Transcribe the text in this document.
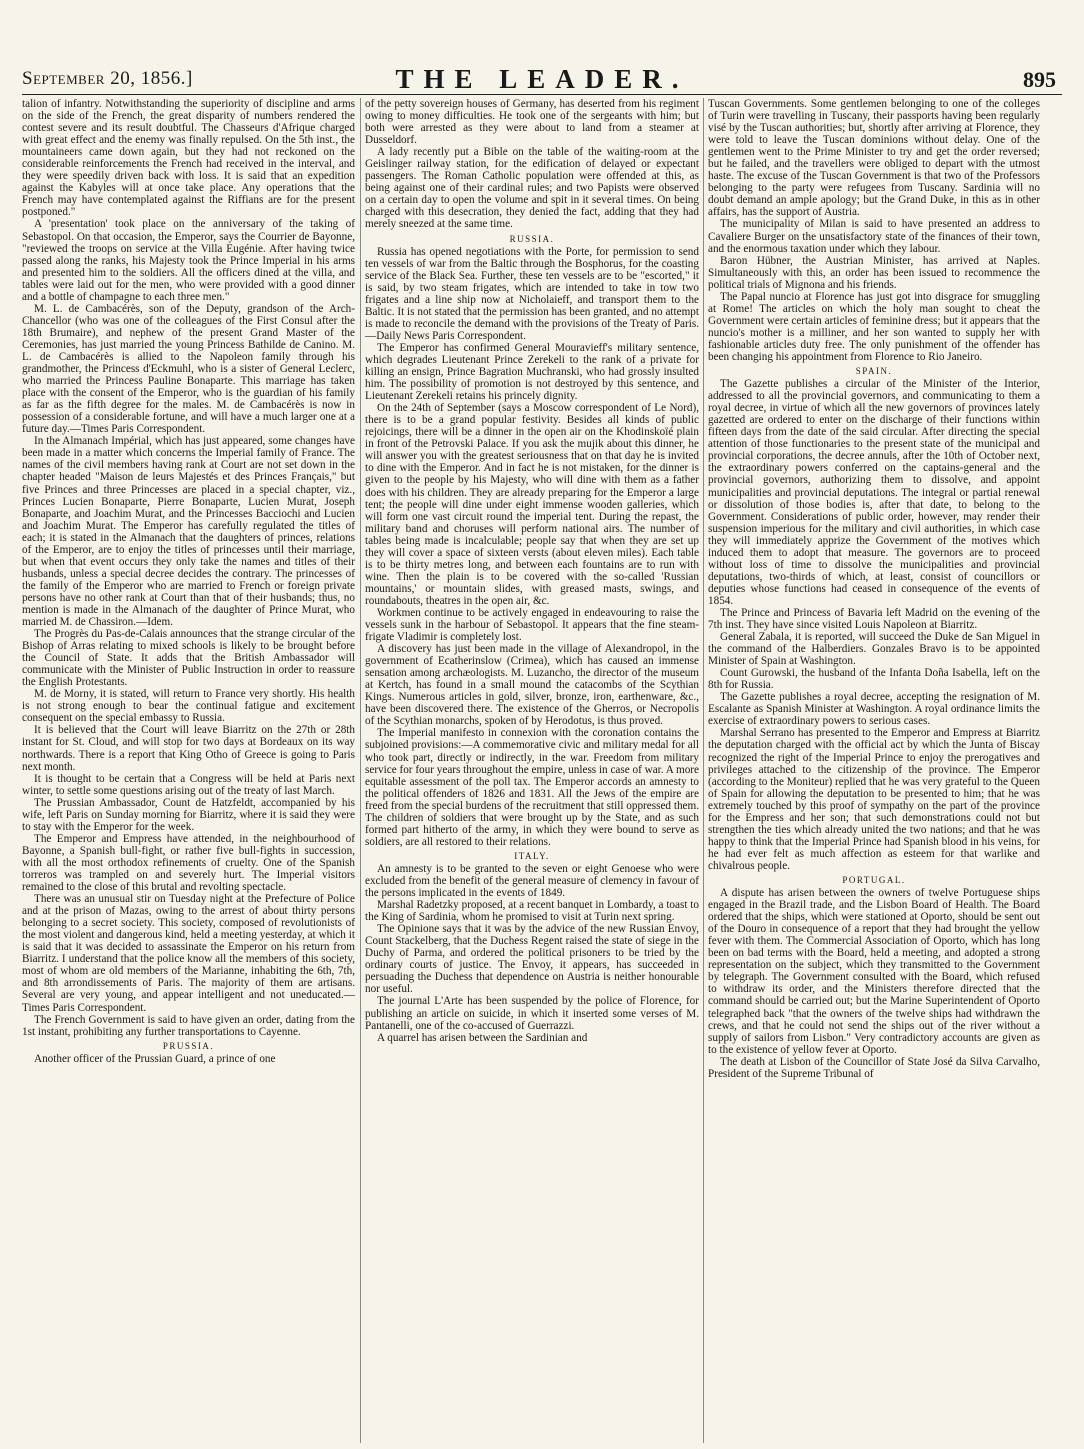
September 20, 1856.]	THE LEADER.	895

talion of infantry. Notwithstanding the superiority of discipline and arms on the side of the French, the great disparity of numbers rendered the contest severe and its result doubtful. The Chasseurs d'Afrique charged with great effect and the enemy was finally repulsed. On the 5th inst., the mountaineers came down again, but they had not reckoned on the considerable reinforcements the French had received in the interval, and they were speedily driven back with loss. It is said that an expedition against the Kabyles will at once take place. Any operations that the French may have contemplated against the Riffians are for the present postponed."

A 'presentation' took place on the anniversary of the taking of Sebastopol. On that occasion, the Emperor, says the Courrier de Bayonne, "reviewed the troops on service at the Villa Eugénie. After having twice passed along the ranks, his Majesty took the Prince Imperial in his arms and presented him to the soldiers. All the officers dined at the villa, and tables were laid out for the men, who were provided with a good dinner and a bottle of champagne to each three men."

M. L. de Cambacérès, son of the Deputy, grandson of the Arch-Chancellor (who was one of the colleagues of the First Consul after the 18th Brumaire), and nephew of the present Grand Master of the Ceremonies, has just married the young Princess Bathilde de Canino. M. L. de Cambacérès is allied to the Napoleon family through his grandmother, the Princess d'Eckmuhl, who is a sister of General Leclerc, who married the Princess Pauline Bonaparte. This marriage has taken place with the consent of the Emperor, who is the guardian of his family as far as the fifth degree for the males. M. de Cambacérès is now in possession of a considerable fortune, and will have a much larger one at a future day.—Times Paris Correspondent.

In the Almanach Impérial, which has just appeared, some changes have been made in a matter which concerns the Imperial family of France. The names of the civil members having rank at Court are not set down in the chapter headed "Maison de leurs Majestés et des Princes Français," but five Princes and three Princesses are placed in a special chapter, viz., Princes Lucien Bonaparte, Pierre Bonaparte, Lucien Murat, Joseph Bonaparte, and Joachim Murat, and the Princesses Bacciochi and Lucien and Joachim Murat. The Emperor has carefully regulated the titles of each; it is stated in the Almanach that the daughters of princes, relations of the Emperor, are to enjoy the titles of princesses until their marriage, but when that event occurs they only take the names and titles of their husbands, unless a special decree decides the contrary. The princesses of the family of the Emperor who are married to French or foreign private persons have no other rank at Court than that of their husbands; thus, no mention is made in the Almanach of the daughter of Prince Murat, who married M. de Chassiron.—Idem.

The Progrès du Pas-de-Calais announces that the strange circular of the Bishop of Arras relating to mixed schools is likely to be brought before the Council of State. It adds that the British Ambassador will communicate with the Minister of Public Instruction in order to reassure the English Protestants.

M. de Morny, it is stated, will return to France very shortly. His health is not strong enough to bear the continual fatigue and excitement consequent on the special embassy to Russia.

It is believed that the Court will leave Biarritz on the 27th or 28th instant for St. Cloud, and will stop for two days at Bordeaux on its way northwards. There is a report that King Otho of Greece is going to Paris next month.

It is thought to be certain that a Congress will be held at Paris next winter, to settle some questions arising out of the treaty of last March.

The Prussian Ambassador, Count de Hatzfeldt, accompanied by his wife, left Paris on Sunday morning for Biarritz, where it is said they were to stay with the Emperor for the week.

The Emperor and Empress have attended, in the neighbourhood of Bayonne, a Spanish bull-fight, or rather five bull-fights in succession, with all the most orthodox refinements of cruelty. One of the Spanish torreros was trampled on and severely hurt. The Imperial visitors remained to the close of this brutal and revolting spectacle.

There was an unusual stir on Tuesday night at the Prefecture of Police and at the prison of Mazas, owing to the arrest of about thirty persons belonging to a secret society. This society, composed of revolutionists of the most violent and dangerous kind, held a meeting yesterday, at which it is said that it was decided to assassinate the Emperor on his return from Biarritz. I understand that the police know all the members of this society, most of whom are old members of the Marianne, inhabiting the 6th, 7th, and 8th arrondissements of Paris. The majority of them are artisans. Several are very young, and appear intelligent and not uneducated.—Times Paris Correspondent.

The French Government is said to have given an order, dating from the 1st instant, prohibiting any further transportations to Cayenne.

PRUSSIA.

Another officer of the Prussian Guard, a prince of one

of the petty sovereign houses of Germany, has deserted from his regiment owing to money difficulties. He took one of the sergeants with him; but both were arrested as they were about to land from a steamer at Dusseldorf.

A lady recently put a Bible on the table of the waiting-room at the Geislinger railway station, for the edification of delayed or expectant passengers. The Roman Catholic population were offended at this, as being against one of their cardinal rules; and two Papists were observed on a certain day to open the volume and spit in it several times. On being charged with this desecration, they denied the fact, adding that they had merely sneezed at the same time.

RUSSIA.

Russia has opened negotiations with the Porte, for permission to send ten vessels of war from the Baltic through the Bosphorus, for the coasting service of the Black Sea. Further, these ten vessels are to be "escorted," it is said, by two steam frigates, which are intended to take in tow two frigates and a line ship now at Nicholaieff, and transport them to the Baltic. It is not stated that the permission has been granted, and no attempt is made to reconcile the demand with the provisions of the Treaty of Paris.—Daily News Paris Correspondent.

The Emperor has confirmed General Mouravieff's military sentence, which degrades Lieutenant Prince Zerekeli to the rank of a private for killing an ensign, Prince Bagration Muchranski, who had grossly insulted him. The possibility of promotion is not destroyed by this sentence, and Lieutenant Zerekeli retains his princely dignity.

On the 24th of September (says a Moscow correspondent of Le Nord), there is to be a grand popular festivity. Besides all kinds of public rejoicings, there will be a dinner in the open air on the Khodinskoïé plain in front of the Petrovski Palace. If you ask the mujik about this dinner, he will answer you with the greatest seriousness that on that day he is invited to dine with the Emperor. And in fact he is not mistaken, for the dinner is given to the people by his Majesty, who will dine with them as a father does with his children. They are already preparing for the Emperor a large tent; the people will dine under eight immense wooden galleries, which will form one vast circuit round the imperial tent. During the repast, the military band and choruses will perform national airs. The number of tables being made is incalculable; people say that when they are set up they will cover a space of sixteen versts (about eleven miles). Each table is to be thirty metres long, and between each fountains are to run with wine. Then the plain is to be covered with the so-called 'Russian mountains,' or mountain slides, with greased masts, swings, and roundabouts, theatres in the open air, &c.

Workmen continue to be actively engaged in endeavouring to raise the vessels sunk in the harbour of Sebastopol. It appears that the fine steam-frigate Vladimir is completely lost.

A discovery has just been made in the village of Alexandropol, in the government of Ecatherinslow (Crimea), which has caused an immense sensation among archæologists. M. Luzancho, the director of the museum at Kertch, has found in a small mound the catacombs of the Scythian Kings. Numerous articles in gold, silver, bronze, iron, earthenware, &c., have been discovered there. The existence of the Gherros, or Necropolis of the Scythian monarchs, spoken of by Herodotus, is thus proved.

The Imperial manifesto in connexion with the coronation contains the subjoined provisions:—A commemorative civic and military medal for all who took part, directly or indirectly, in the war. Freedom from military service for four years throughout the empire, unless in case of war. A more equitable assessment of the poll tax. The Emperor accords an amnesty to the political offenders of 1826 and 1831. All the Jews of the empire are freed from the special burdens of the recruitment that still oppressed them. The children of soldiers that were brought up by the State, and as such formed part hitherto of the army, in which they were bound to serve as soldiers, are all restored to their relations.

ITALY.

An amnesty is to be granted to the seven or eight Genoese who were excluded from the benefit of the general measure of clemency in favour of the persons implicated in the events of 1849.

Marshal Radetzky proposed, at a recent banquet in Lombardy, a toast to the King of Sardinia, whom he promised to visit at Turin next spring.

The Opinione says that it was by the advice of the new Russian Envoy, Count Stackelberg, that the Duchess Regent raised the state of siege in the Duchy of Parma, and ordered the political prisoners to be tried by the ordinary courts of justice. The Envoy, it appears, has succeeded in persuading the Duchess that dependence on Austria is neither honourable nor useful.

The journal L'Arte has been suspended by the police of Florence, for publishing an article on suicide, in which it inserted some verses of M. Pantanelli, one of the co-accused of Guerrazzi.

A quarrel has arisen between the Sardinian and

Tuscan Governments. Some gentlemen belonging to one of the colleges of Turin were travelling in Tuscany, their passports having been regularly visé by the Tuscan authorities; but, shortly after arriving at Florence, they were told to leave the Tuscan dominions without delay. One of the gentlemen went to the Prime Minister to try and get the order reversed; but he failed, and the travellers were obliged to depart with the utmost haste. The excuse of the Tuscan Government is that two of the Professors belonging to the party were refugees from Tuscany. Sardinia will no doubt demand an ample apology; but the Grand Duke, in this as in other affairs, has the support of Austria.

The municipality of Milan is said to have presented an address to Cavaliere Burger on the unsatisfactory state of the finances of their town, and the enormous taxation under which they labour.

Baron Hübner, the Austrian Minister, has arrived at Naples. Simultaneously with this, an order has been issued to recommence the political trials of Mignona and his friends.

The Papal nuncio at Florence has just got into disgrace for smuggling at Rome! The articles on which the holy man sought to cheat the Government were certain articles of feminine dress; but it appears that the nuncio's mother is a milliner, and her son wanted to supply her with fashionable articles duty free. The only punishment of the offender has been changing his appointment from Florence to Rio Janeiro.

SPAIN.

The Gazette publishes a circular of the Minister of the Interior, addressed to all the provincial governors, and communicating to them a royal decree, in virtue of which all the new governors of provinces lately gazetted are ordered to enter on the discharge of their functions within fifteen days from the date of the said circular. After directing the special attention of those functionaries to the present state of the municipal and provincial corporations, the decree annuls, after the 10th of October next, the extraordinary powers conferred on the captains-general and the provincial governors, authorizing them to dissolve, and appoint municipalities and provincial deputations. The integral or partial renewal or dissolution of those bodies is, after that date, to belong to the Government. Considerations of public order, however, may render their suspension imperious for the military and civil authorities, in which case they will immediately apprize the Government of the motives which induced them to adopt that measure. The governors are to proceed without loss of time to dissolve the municipalities and provincial deputations, two-thirds of which, at least, consist of councillors or deputies whose functions had ceased in consequence of the events of 1854.

The Prince and Princess of Bavaria left Madrid on the evening of the 7th inst. They have since visited Louis Napoleon at Biarritz.

General Zabala, it is reported, will succeed the Duke de San Miguel in the command of the Halberdiers. Gonzales Bravo is to be appointed Minister of Spain at Washington.

Count Gurowski, the husband of the Infanta Doña Isabella, left on the 8th for Russia.

The Gazette publishes a royal decree, accepting the resignation of M. Escalante as Spanish Minister at Washington. A royal ordinance limits the exercise of extraordinary powers to serious cases.

Marshal Serrano has presented to the Emperor and Empress at Biarritz the deputation charged with the official act by which the Junta of Biscay recognized the right of the Imperial Prince to enjoy the prerogatives and privileges attached to the citizenship of the province. The Emperor (according to the Moniteur) replied that he was very grateful to the Queen of Spain for allowing the deputation to be presented to him; that he was extremely touched by this proof of sympathy on the part of the province for the Empress and her son; that such demonstrations could not but strengthen the ties which already united the two nations; and that he was happy to think that the Imperial Prince had Spanish blood in his veins, for he had ever felt as much affection as esteem for that warlike and chivalrous people.

PORTUGAL.

A dispute has arisen between the owners of twelve Portuguese ships engaged in the Brazil trade, and the Lisbon Board of Health. The Board ordered that the ships, which were stationed at Oporto, should be sent out of the Douro in consequence of a report that they had brought the yellow fever with them. The Commercial Association of Oporto, which has long been on bad terms with the Board, held a meeting, and adopted a strong representation on the subject, which they transmitted to the Government by telegraph. The Government consulted with the Board, which refused to withdraw its order, and the Ministers therefore directed that the command should be carried out; but the Marine Superintendent of Oporto telegraphed back "that the owners of the twelve ships had withdrawn the crews, and that he could not send the ships out of the river without a supply of sailors from Lisbon." Very contradictory accounts are given as to the existence of yellow fever at Oporto.

The death at Lisbon of the Councillor of State José da Silva Carvalho, President of the Supreme Tribunal of
